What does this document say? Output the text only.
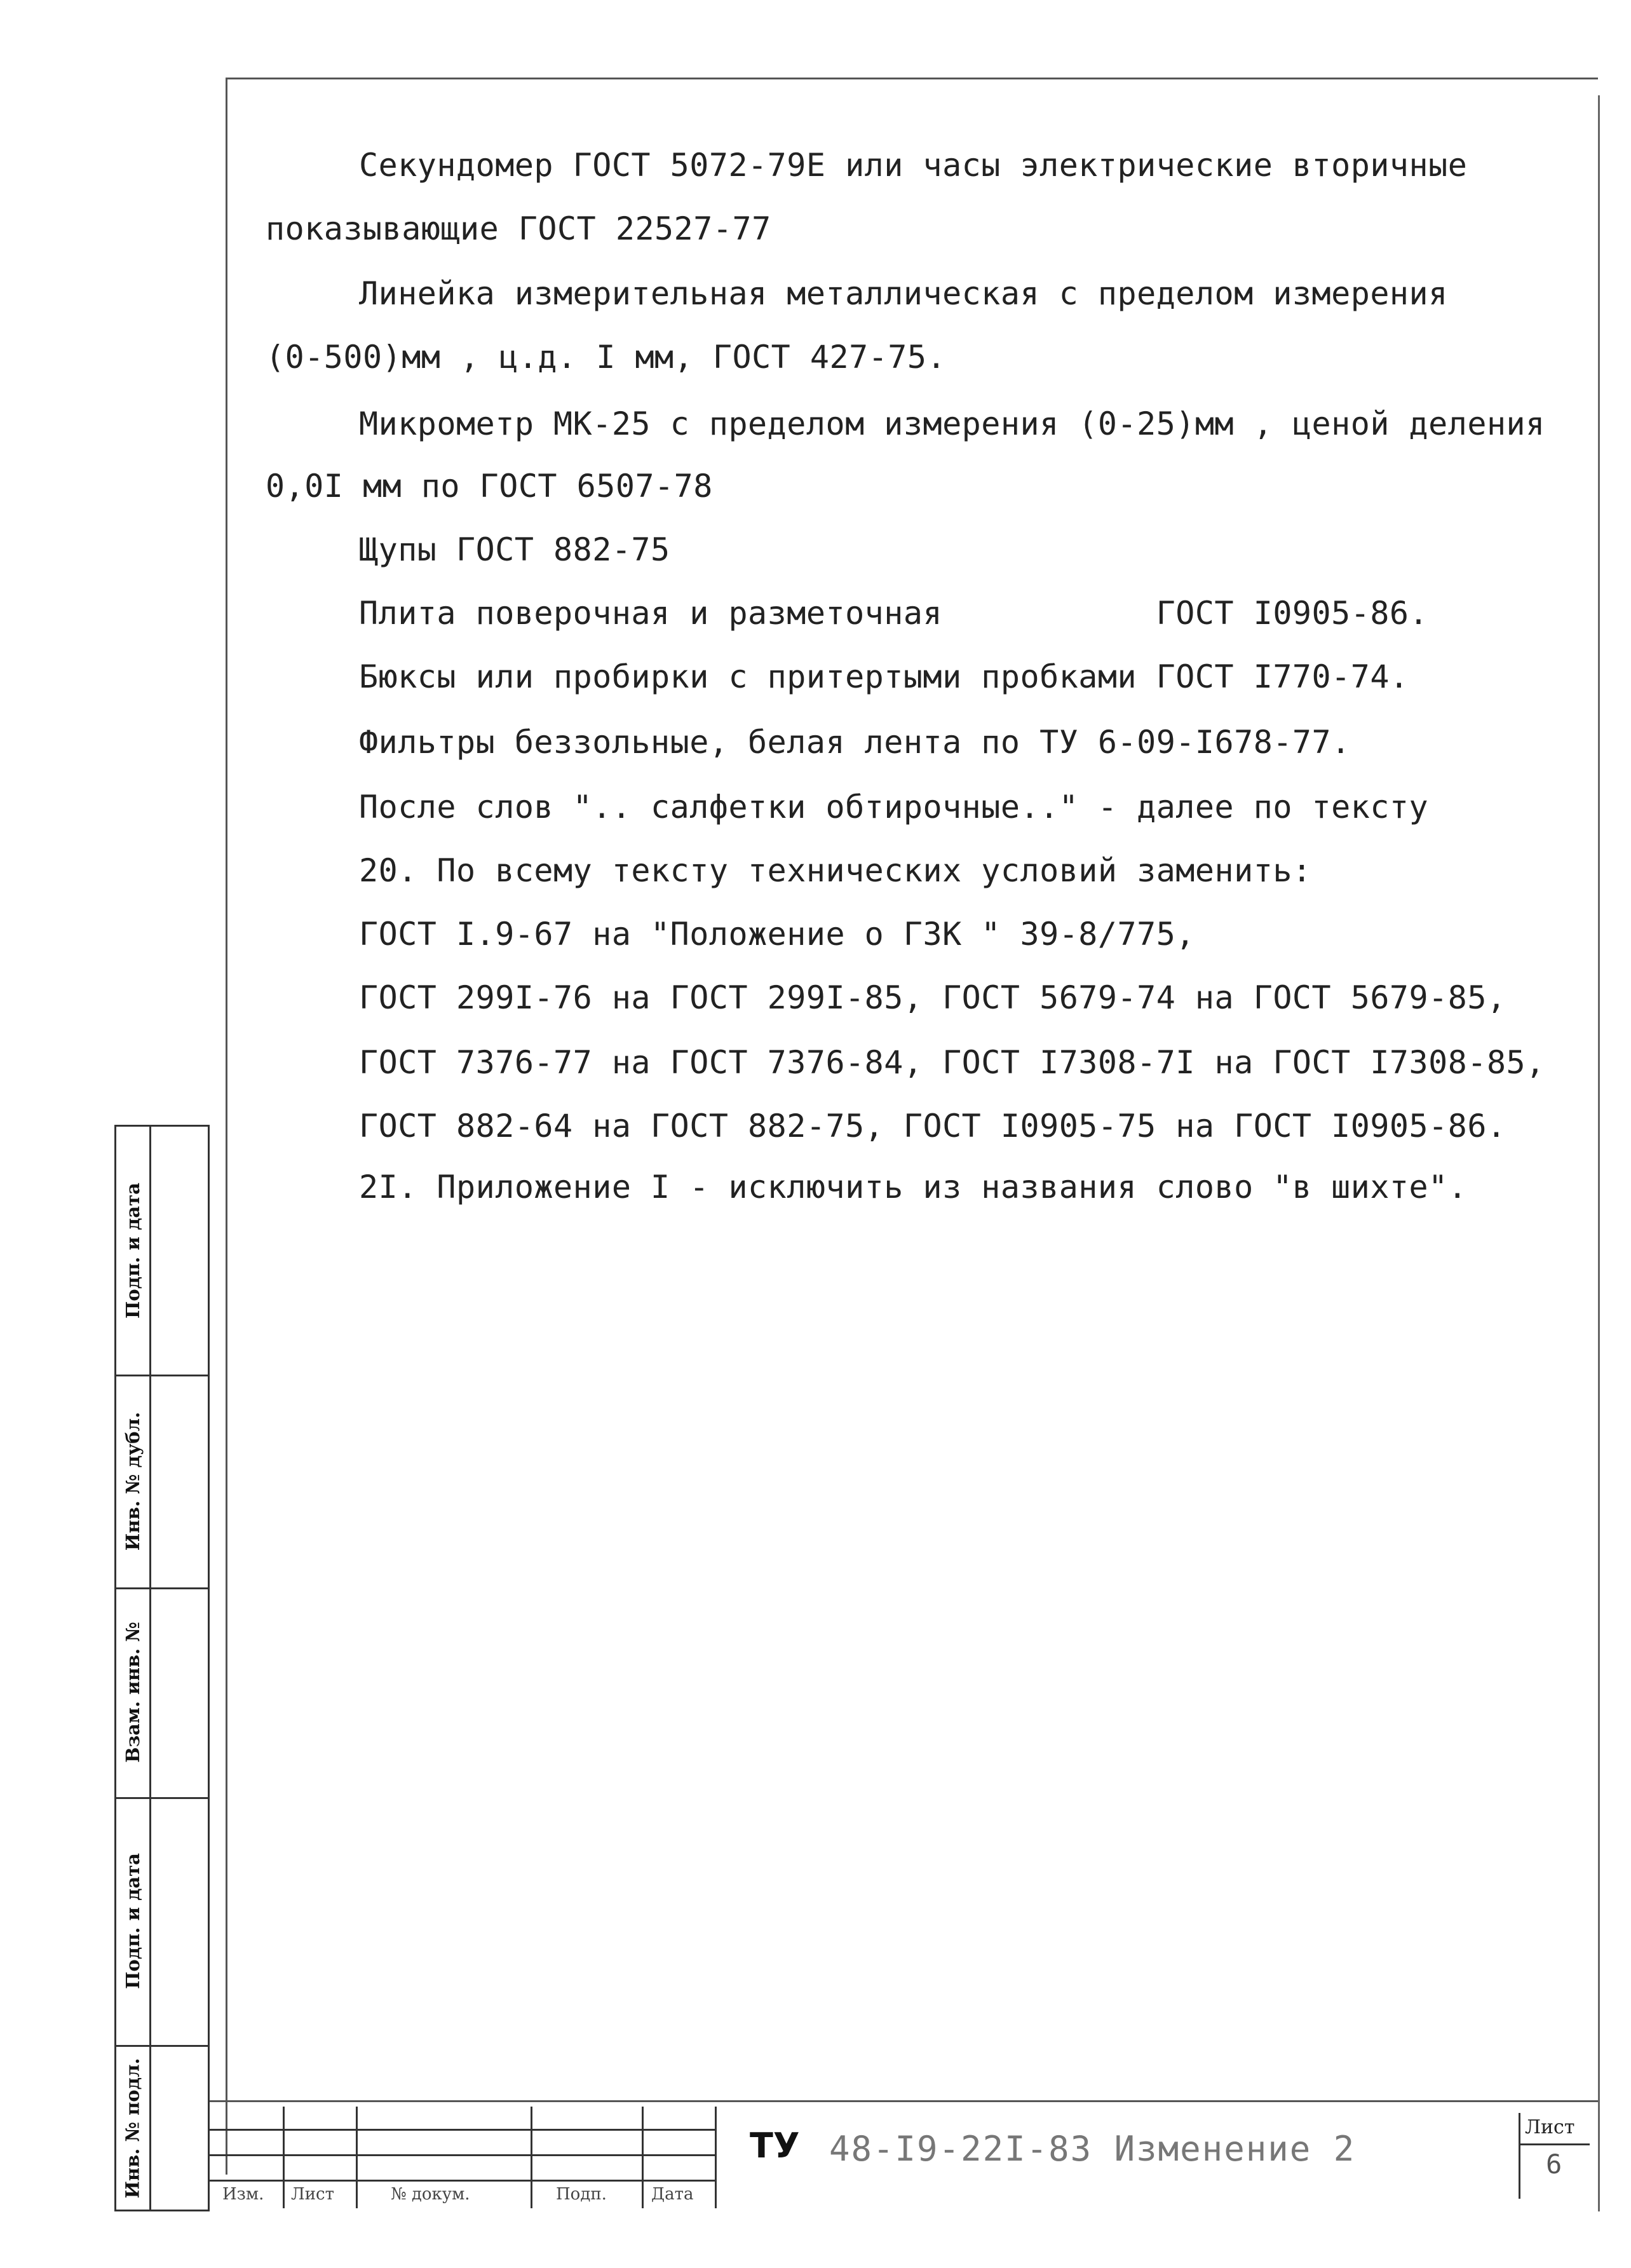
Секундомер ГОСТ 5072-79Е или часы электрические вторичные
показывающие ГОСТ 22527-77
Линейка измерительная металлическая с пределом измерения
(0-500)мм , ц.д. I мм, ГОСТ 427-75.
Микрометр МК-25 с пределом измерения (0-25)мм , ценой деления
0,0I мм по ГОСТ 6507-78
Щупы ГОСТ 882-75
Плита поверочная и разметочная           ГОСТ I0905-86.
Бюксы или пробирки с притертыми пробками ГОСТ I770-74.
Фильтры беззольные, белая лента по ТУ 6-09-I678-77.
После слов ".. салфетки обтирочные.." - далее по тексту
20. По всему тексту технических условий заменить:
ГОСТ I.9-67 на "Положение о ГЗК " 39-8/775,
ГОСТ 299I-76 на ГОСТ 299I-85, ГОСТ 5679-74 на ГОСТ 5679-85,
ГОСТ 7376-77 на ГОСТ 7376-84, ГОСТ I7308-7I на ГОСТ I7308-85,
ГОСТ 882-64 на ГОСТ 882-75, ГОСТ I0905-75 на ГОСТ I0905-86.
2I. Приложение I - исключить из названия слово "в шихте".
Подп. и дата
Инв. № дубл.
Взам. инв. №
Подп. и дата
Инв. № подл.	Изм. Лист	№ докум.	Подп.	Дата
ТУ 48-I9-22I-83 Изменение 2
Лист
6
